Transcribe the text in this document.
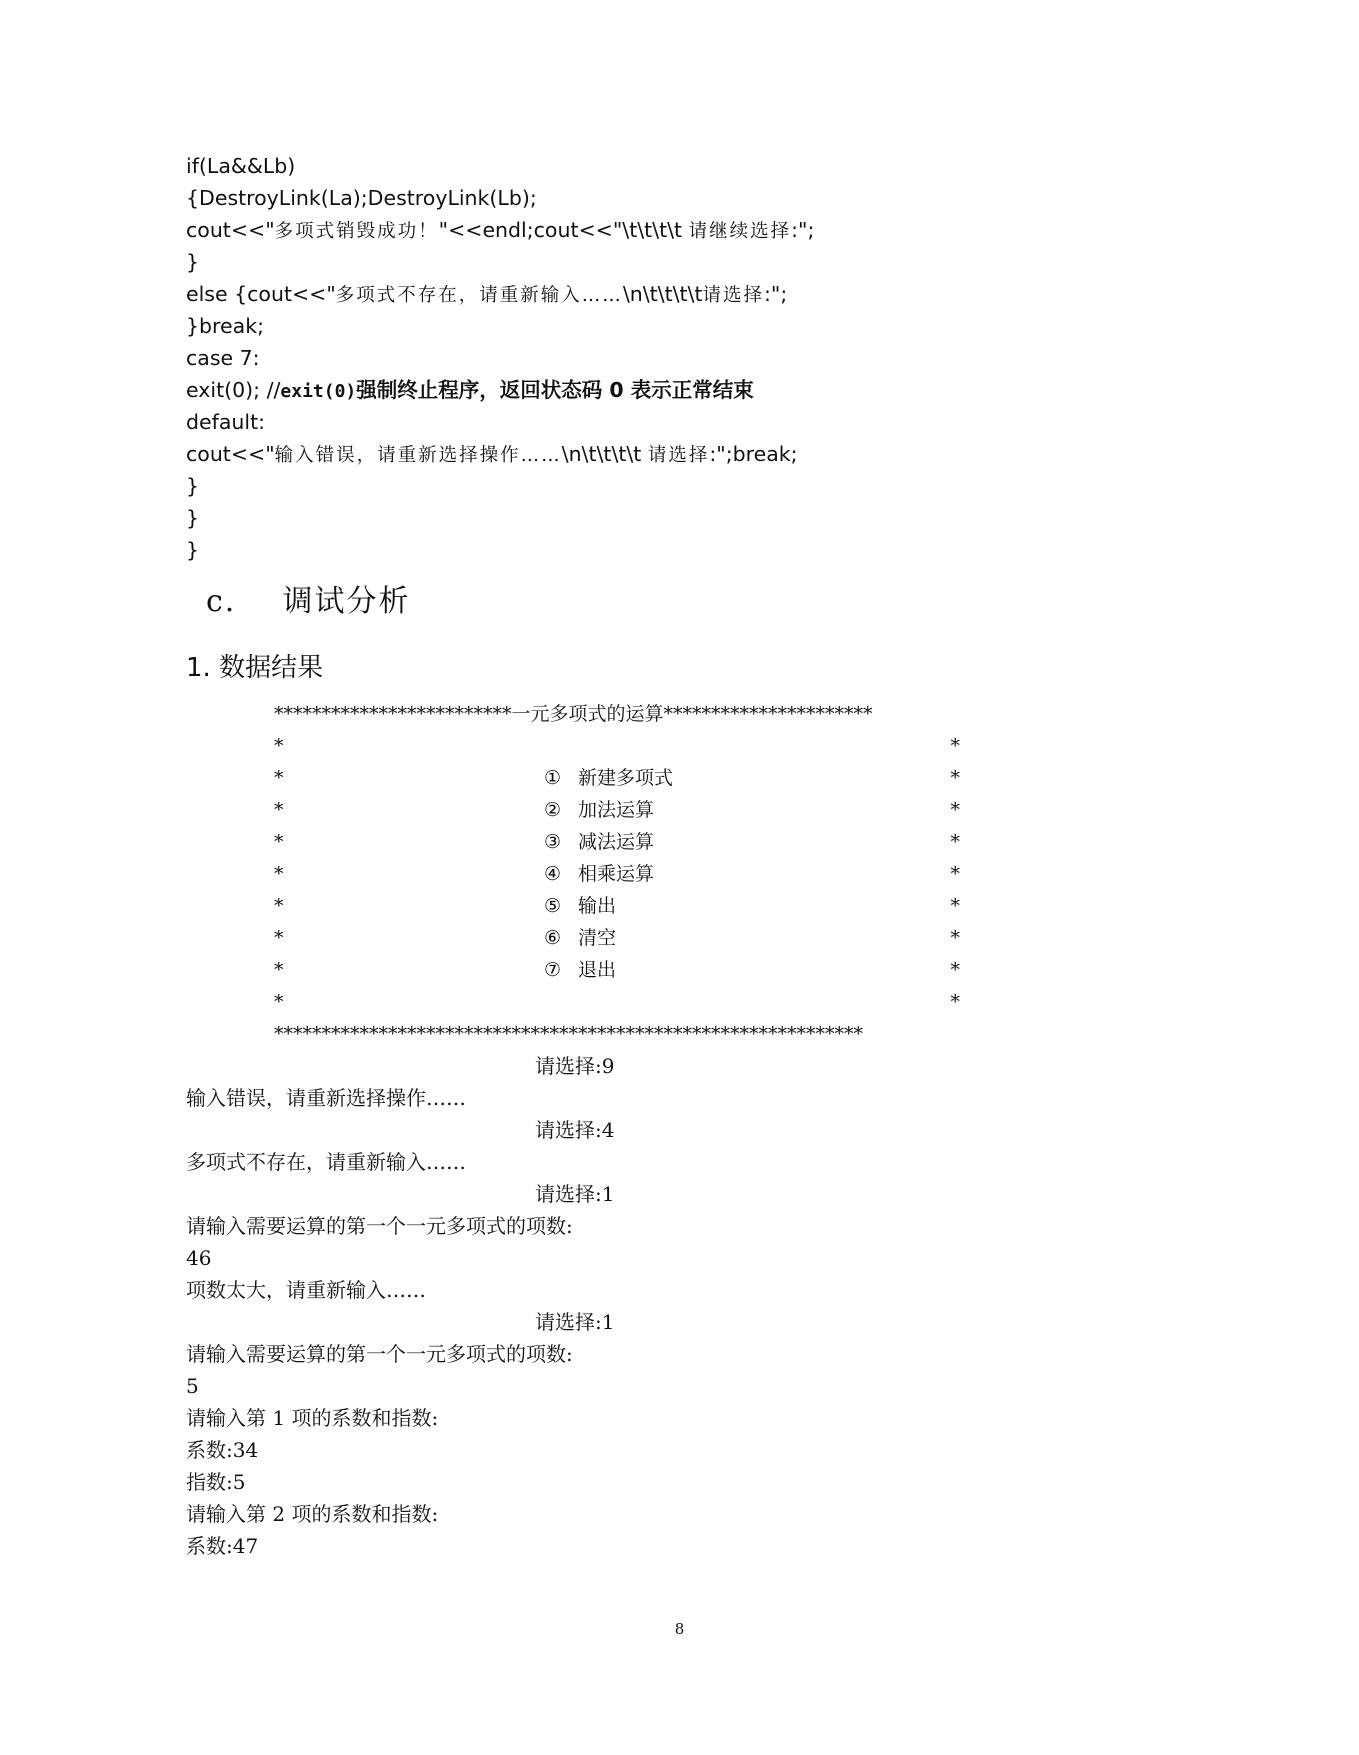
if(La&&Lb)
{DestroyLink(La);DestroyLink(Lb);
cout<<"多项式销毁成功！"<<endl;cout<<"\t\t\t\t 请继续选择:";
}
else {cout<<"多项式不存在，请重新输入……\n\t\t\t\t请选择:";
}break;
case 7:
exit(0); //exit(0)强制终止程序，返回状态码 0 表示正常结束
default:
cout<<"输入错误，请重新选择操作……\n\t\t\t\t 请选择:";break;
}
}
}
c.    调试分析
1. 数据结果
*************************一元多项式的运算**********************
*	*
*	① 新建多项式	*
*	② 加法运算	*
*	③ 减法运算	*
*	④ 相乘运算	*
*	⑤ 输出	*
*	⑥ 清空	*
*	⑦ 退出	*
*	*
**************************************************************
请选择:9
输入错误，请重新选择操作……
请选择:4
多项式不存在，请重新输入……
请选择:1
请输入需要运算的第一个一元多项式的项数:
46
项数太大，请重新输入……
请选择:1
请输入需要运算的第一个一元多项式的项数:
5
请输入第 1 项的系数和指数:
系数:34
指数:5
请输入第 2 项的系数和指数:
系数:47
8
